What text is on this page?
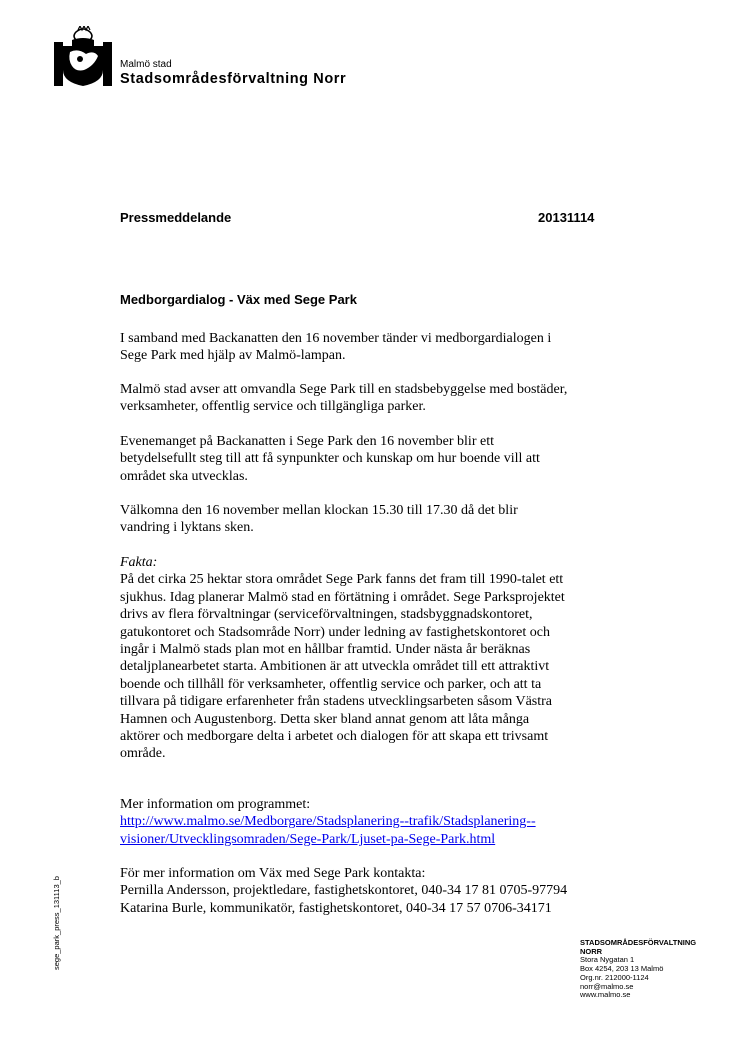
Malmö stad
Stadsområdesförvaltning Norr
Pressmeddelande	20131114
Medborgardialog - Väx med Sege Park

I samband med Backanatten den 16 november tänder vi medborgardialogen i
Sege Park med hjälp av Malmö-lampan.

Malmö stad avser att omvandla Sege Park till en stadsbebyggelse med bostäder,
verksamheter, offentlig service och tillgängliga parker.

Evenemanget på Backanatten i Sege Park den 16 november blir ett
betydelsefullt steg till att få synpunkter och kunskap om hur boende vill att
området ska utvecklas.

Välkomna den 16 november mellan klockan 15.30 till 17.30 då det blir
vandring i lyktans sken.

Fakta:
På det cirka 25 hektar stora området Sege Park fanns det fram till 1990-talet ett
sjukhus. Idag planerar Malmö stad en förtätning i området. Sege Parksprojektet
drivs av flera förvaltningar (serviceförvaltningen, stadsbyggnadskontoret,
gatukontoret och Stadsområde Norr) under ledning av fastighetskontoret och
ingår i Malmö stads plan mot en hållbar framtid. Under nästa år beräknas
detaljplanearbetet starta. Ambitionen är att utveckla området till ett attraktivt
boende och tillhåll för verksamheter, offentlig service och parker, och att ta
tillvara på tidigare erfarenheter från stadens utvecklingsarbeten såsom Västra
Hamnen och Augustenborg. Detta sker bland annat genom att låta många
aktörer och medborgare delta i arbetet och dialogen för att skapa ett trivsamt
område.

Mer information om programmet:
http://www.malmo.se/Medborgare/Stadsplanering--trafik/Stadsplanering--
visioner/Utvecklingsomraden/Sege-Park/Ljuset-pa-Sege-Park.html

För mer information om Väx med Sege Park kontakta:
Pernilla Andersson, projektledare, fastighetskontoret, 040-34 17 81 0705-97794
Katarina Burle, kommunikatör, fastighetskontoret, 040-34 17 57 0706-34171

sege_park_press_131113_b	STADSOMRÅDESFÖRVALTNING
NORR
Stora Nygatan 1
Box 4254, 203 13 Malmö
Org.nr. 212000-1124
norr@malmo.se
www.malmo.se
